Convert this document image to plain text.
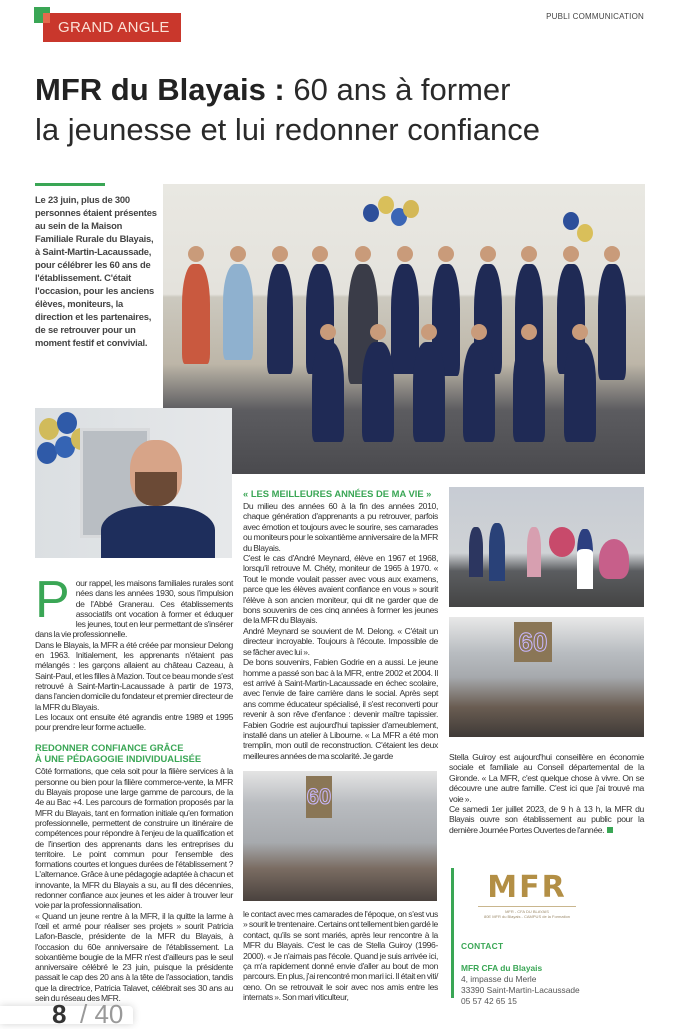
GRAND ANGLE
PUBLI COMMUNICATION
MFR du Blayais : 60 ans à former
la jeunesse et lui redonner confiance

Le 23 juin, plus de 300 personnes étaient présentes au sein de la Maison Familiale Rurale du Blayais, à Saint-Martin-Lacaussade, pour célébrer les 60 ans de l'établissement. C'était l'occasion, pour les anciens élèves, moniteurs, la direction et les partenaires, de se retrouver pour un moment festif et convivial.

60
60
P our rappel, les maisons familiales rurales sont nées dans les années 1930, sous l'impulsion de l'Abbé Granerau. Ces établissements associatifs ont vocation à former et éduquer les jeunes, tout en leur permettant de s'insérer dans la vie professionnelle.

Dans le Blayais, la MFR a été créée par monsieur Delong en 1963. Initialement, les apprenants n'étaient pas mélangés : les garçons allaient au château Cazeau, à Saint-Paul, et les filles à Mazion. Tout ce beau monde s'est retrouvé à Saint-Martin-Lacaussade à partir de 1973, dans l'ancien domicile du fondateur et premier directeur de la MFR du Blayais.

Les locaux ont ensuite été agrandis entre 1989 et 1995 pour prendre leur forme actuelle.

REDONNER CONFIANCE GRÂCE
À UNE PÉDAGOGIE INDIVIDUALISÉE

Côté formations, que cela soit pour la filière services à la personne ou bien pour la filière commerce-vente, la MFR du Blayais propose une large gamme de parcours, de la 4e au Bac +4. Les parcours de formation proposés par la MFR du Blayais, tant en formation initiale qu'en formation professionnelle, permettent de construire un itinéraire de compétences pour répondre à l'enjeu de la qualification et de l'insertion des apprenants dans les entreprises du territoire. Le point commun pour l'ensemble des formations courtes et longues durées de l'établissement ? L'alternance. Grâce à une pédagogie adaptée à chacun et innovante, la MFR du Blayais a su, au fil des décennies, redonner confiance aux jeunes et les aider à trouver leur voie par la professionnalisation.

« Quand un jeune rentre à la MFR, il la quitte la larme à l'œil et armé pour réaliser ses projets » sourit Patricia Lafon-Bascle, présidente de la MFR du Blayais, à l'occasion du 60e anniversaire de l'établissement. La soixantième bougie de la MFR n'est d'ailleurs pas le seul anniversaire célébré le 23 juin, puisque la présidente passait le cap des 20 ans à la tête de l'association, tandis que la directrice, Patricia Talavet, célébrait ses 30 ans au sein du réseau des MFR.

« LES MEILLEURES ANNÉES DE MA VIE »

Du milieu des années 60 à la fin des années 2010, chaque génération d'apprenants a pu retrouver, parfois avec émotion et toujours avec le sourire, ses camarades ou moniteurs pour le soixantième anniversaire de la MFR du Blayais.

C'est le cas d'André Meynard, élève en 1967 et 1968, lorsqu'il retrouve M. Chéty, moniteur de 1965 à 1970. « Tout le monde voulait passer avec vous aux examens, parce que les élèves avaient confiance en vous » sourit l'élève à son ancien moniteur, qui dit ne garder que de bons souvenirs de ces cinq années à former les jeunes de la MFR du Blayais.

André Meynard se souvient de M. Delong. « C'était un directeur incroyable. Toujours à l'écoute. Impossible de se fâcher avec lui ».

De bons souvenirs, Fabien Godrie en a aussi. Le jeune homme a passé son bac à la MFR, entre 2002 et 2004. Il est arrivé à Saint-Martin-Lacaussade en échec scolaire, avec l'envie de faire carrière dans le social. Après sept ans comme éducateur spécialisé, il s'est reconverti pour revenir à son rêve d'enfance : devenir maître tapissier. Fabien Godrie est aujourd'hui tapissier d'ameublement, installé dans un atelier à Libourne. « La MFR a été mon tremplin, mon outil de reconstruction. C'étaient les deux meilleures années de ma scolarité. Je garde

le contact avec mes camarades de l'époque, on s'est vus » sourit le trentenaire. Certains ont tellement bien gardé le contact, qu'ils se sont mariés, après leur rencontre à la MFR du Blayais. C'est le cas de Stella Guiroy (1996-2000). « Je n'aimais pas l'école. Quand je suis arrivée ici, ça m'a rapidement donné envie d'aller au bout de mon parcours. En plus, j'ai rencontré mon mari ici. Il était en viti/œno. On se retrouvait le soir avec nos amis entre les internats ». Son mari viticulteur,

Stella Guiroy est aujourd'hui conseillère en économie sociale et familiale au Conseil départemental de la Gironde. « La MFR, c'est quelque chose à vivre. On se découvre une autre famille. C'est ici que j'ai trouvé ma voie ».

Ce samedi 1er juillet 2023, de 9 h à 13 h, la MFR du Blayais ouvre son établissement au public pour la dernière Journée Portes Ouvertes de l'année.

MFR
MFR - CFA DU BLAYAIS
80E MFR du Blayais - CAMPUS de la Formation
CONTACT
MFR CFA du Blayais
4, impasse du Merle
33390 Saint-Martin-Lacaussade
05 57 42 65 15
8 / 40
